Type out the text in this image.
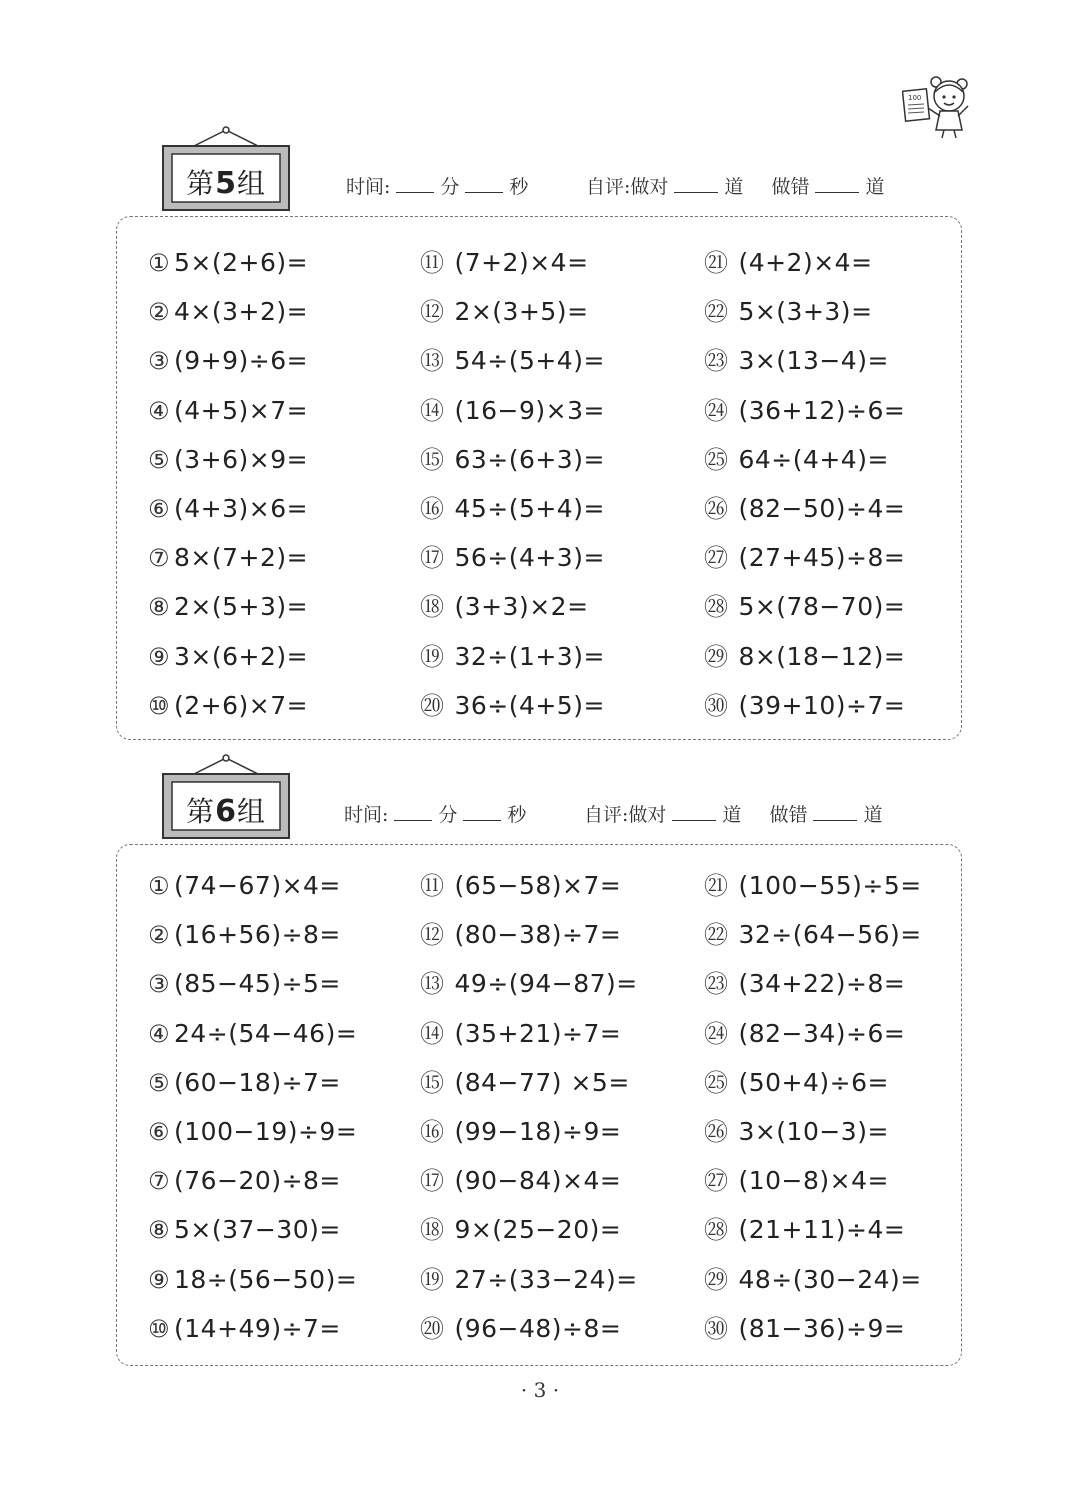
100
第5组	时间:	分	秒	自评:做对	道 做错	道
第6组	时间:	分	秒	自评:做对	道 做错	道
① 5×(2+6)=
② 4×(3+2)=
③ (9+9)÷6=
④ (4+5)×7=
⑤ (3+6)×9=
⑥ (4+3)×6=
⑦ 8×(7+2)=
⑧ 2×(5+3)=
⑨ 3×(6+2)=
⑩ (2+6)×7=
⑪ (7+2)×4=
⑫ 2×(3+5)=
⑬ 54÷(5+4)=
⑭ (16−9)×3=
⑮ 63÷(6+3)=
⑯ 45÷(5+4)=
⑰ 56÷(4+3)=
⑱ (3+3)×2=
⑲ 32÷(1+3)=
⑳ 36÷(4+5)=
㉑ (4+2)×4=
㉒ 5×(3+3)=
㉓ 3×(13−4)=
㉔ (36+12)÷6=
㉕ 64÷(4+4)=
㉖ (82−50)÷4=
㉗ (27+45)÷8=
㉘ 5×(78−70)=
㉙ 8×(18−12)=
㉚ (39+10)÷7=
① (74−67)×4=
② (16+56)÷8=
③ (85−45)÷5=
④ 24÷(54−46)=
⑤ (60−18)÷7=
⑥ (100−19)÷9=
⑦ (76−20)÷8=
⑧ 5×(37−30)=
⑨ 18÷(56−50)=
⑩ (14+49)÷7=
⑪ (65−58)×7=
⑫ (80−38)÷7=
⑬ 49÷(94−87)=
⑭ (35+21)÷7=
⑮ (84−77) ×5=
⑯ (99−18)÷9=
⑰ (90−84)×4=
⑱ 9×(25−20)=
⑲ 27÷(33−24)=
⑳ (96−48)÷8=
㉑ (100−55)÷5=
㉒ 32÷(64−56)=
㉓ (34+22)÷8=
㉔ (82−34)÷6=
㉕ (50+4)÷6=
㉖ 3×(10−3)=
㉗ (10−8)×4=
㉘ (21+11)÷4=
㉙ 48÷(30−24)=
㉚ (81−36)÷9=
· 3 ·
